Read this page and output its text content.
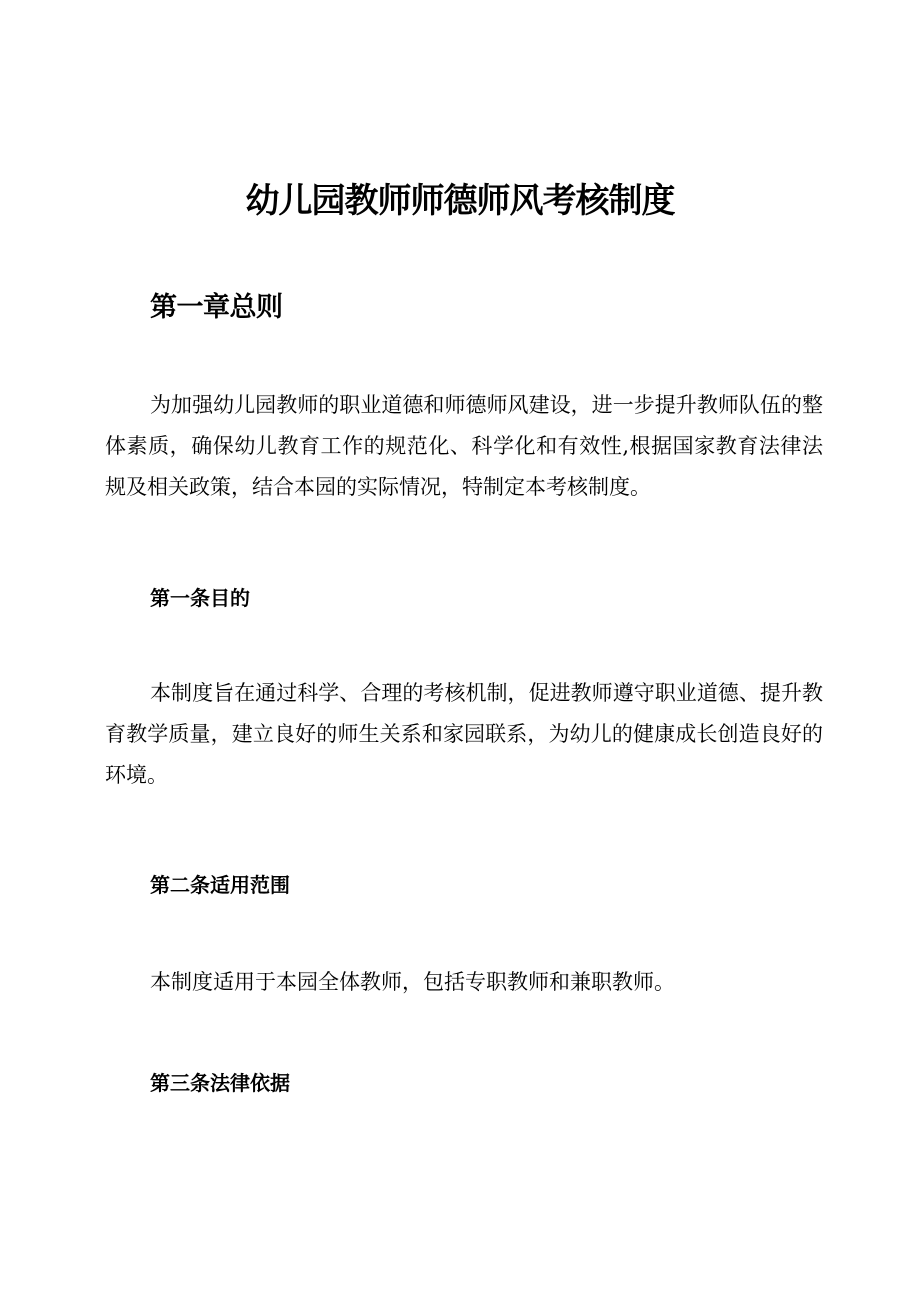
幼儿园教师师德师风考核制度
第一章总则

为加强幼儿园教师的职业道德和师德师风建设，进一步提升教师队伍的整体素质，确保幼儿教育工作的规范化、科学化和有效性,根据国家教育法律法规及相关政策，结合本园的实际情况，特制定本考核制度。

第一条目的

本制度旨在通过科学、合理的考核机制，促进教师遵守职业道德、提升教育教学质量，建立良好的师生关系和家园联系，为幼儿的健康成长创造良好的环境。

第二条适用范围

本制度适用于本园全体教师，包括专职教师和兼职教师。

第三条法律依据
